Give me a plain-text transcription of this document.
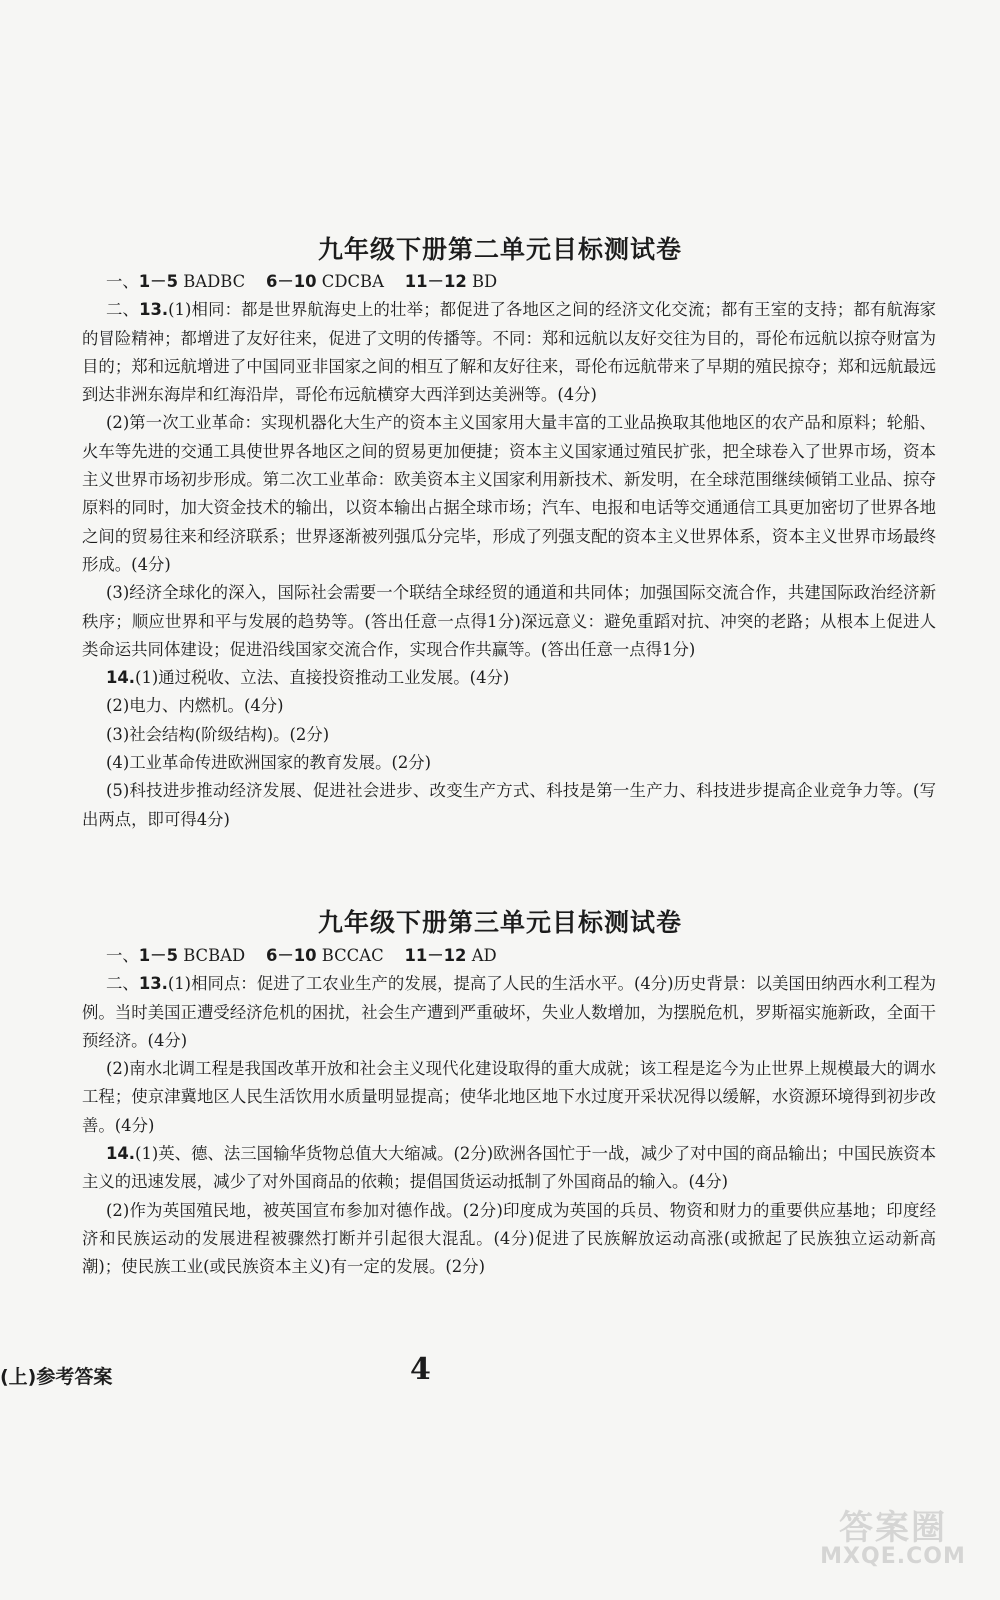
九年级下册第二单元目标测试卷

一、1－5 BADBC 6－10 CDCBA 11－12 BD

二、13.(1)相同：都是世界航海史上的壮举；都促进了各地区之间的经济文化交流；都有王室的支持；都有航海家的冒险精神；都增进了友好往来，促进了文明的传播等。不同：郑和远航以友好交往为目的，哥伦布远航以掠夺财富为目的；郑和远航增进了中国同亚非国家之间的相互了解和友好往来，哥伦布远航带来了早期的殖民掠夺；郑和远航最远到达非洲东海岸和红海沿岸，哥伦布远航横穿大西洋到达美洲等。(4分)

(2)第一次工业革命：实现机器化大生产的资本主义国家用大量丰富的工业品换取其他地区的农产品和原料；轮船、火车等先进的交通工具使世界各地区之间的贸易更加便捷；资本主义国家通过殖民扩张，把全球卷入了世界市场，资本主义世界市场初步形成。第二次工业革命：欧美资本主义国家利用新技术、新发明，在全球范围继续倾销工业品、掠夺原料的同时，加大资金技术的输出，以资本输出占据全球市场；汽车、电报和电话等交通通信工具更加密切了世界各地之间的贸易往来和经济联系；世界逐渐被列强瓜分完毕，形成了列强支配的资本主义世界体系，资本主义世界市场最终形成。(4分)

(3)经济全球化的深入，国际社会需要一个联结全球经贸的通道和共同体；加强国际交流合作，共建国际政治经济新秩序；顺应世界和平与发展的趋势等。(答出任意一点得1分)深远意义：避免重蹈对抗、冲突的老路；从根本上促进人类命运共同体建设；促进沿线国家交流合作，实现合作共赢等。(答出任意一点得1分)

14.(1)通过税收、立法、直接投资推动工业发展。(4分)

(2)电力、内燃机。(4分)

(3)社会结构(阶级结构)。(2分)

(4)工业革命传进欧洲国家的教育发展。(2分)

(5)科技进步推动经济发展、促进社会进步、改变生产方式、科技是第一生产力、科技进步提高企业竞争力等。(写出两点，即可得4分)

九年级下册第三单元目标测试卷

一、1－5 BCBAD 6－10 BCCAC 11－12 AD

二、13.(1)相同点：促进了工农业生产的发展，提高了人民的生活水平。(4分)历史背景：以美国田纳西水利工程为例。当时美国正遭受经济危机的困扰，社会生产遭到严重破坏，失业人数增加，为摆脱危机，罗斯福实施新政，全面干预经济。(4分)

(2)南水北调工程是我国改革开放和社会主义现代化建设取得的重大成就；该工程是迄今为止世界上规模最大的调水工程；使京津冀地区人民生活饮用水质量明显提高；使华北地区地下水过度开采状况得以缓解，水资源环境得到初步改善。(4分)

14.(1)英、德、法三国输华货物总值大大缩减。(2分)欧洲各国忙于一战，减少了对中国的商品输出；中国民族资本主义的迅速发展，减少了对外国商品的依赖；提倡国货运动抵制了外国商品的输入。(4分)

(2)作为英国殖民地，被英国宣布参加对德作战。(2分)印度成为英国的兵员、物资和财力的重要供应基地；印度经济和民族运动的发展进程被骤然打断并引起很大混乱。(4分)促进了民族解放运动高涨(或掀起了民族独立运动新高潮)；使民族工业(或民族资本主义)有一定的发展。(2分)

(上)参考答案	4
答案圈
MXQE.COM
